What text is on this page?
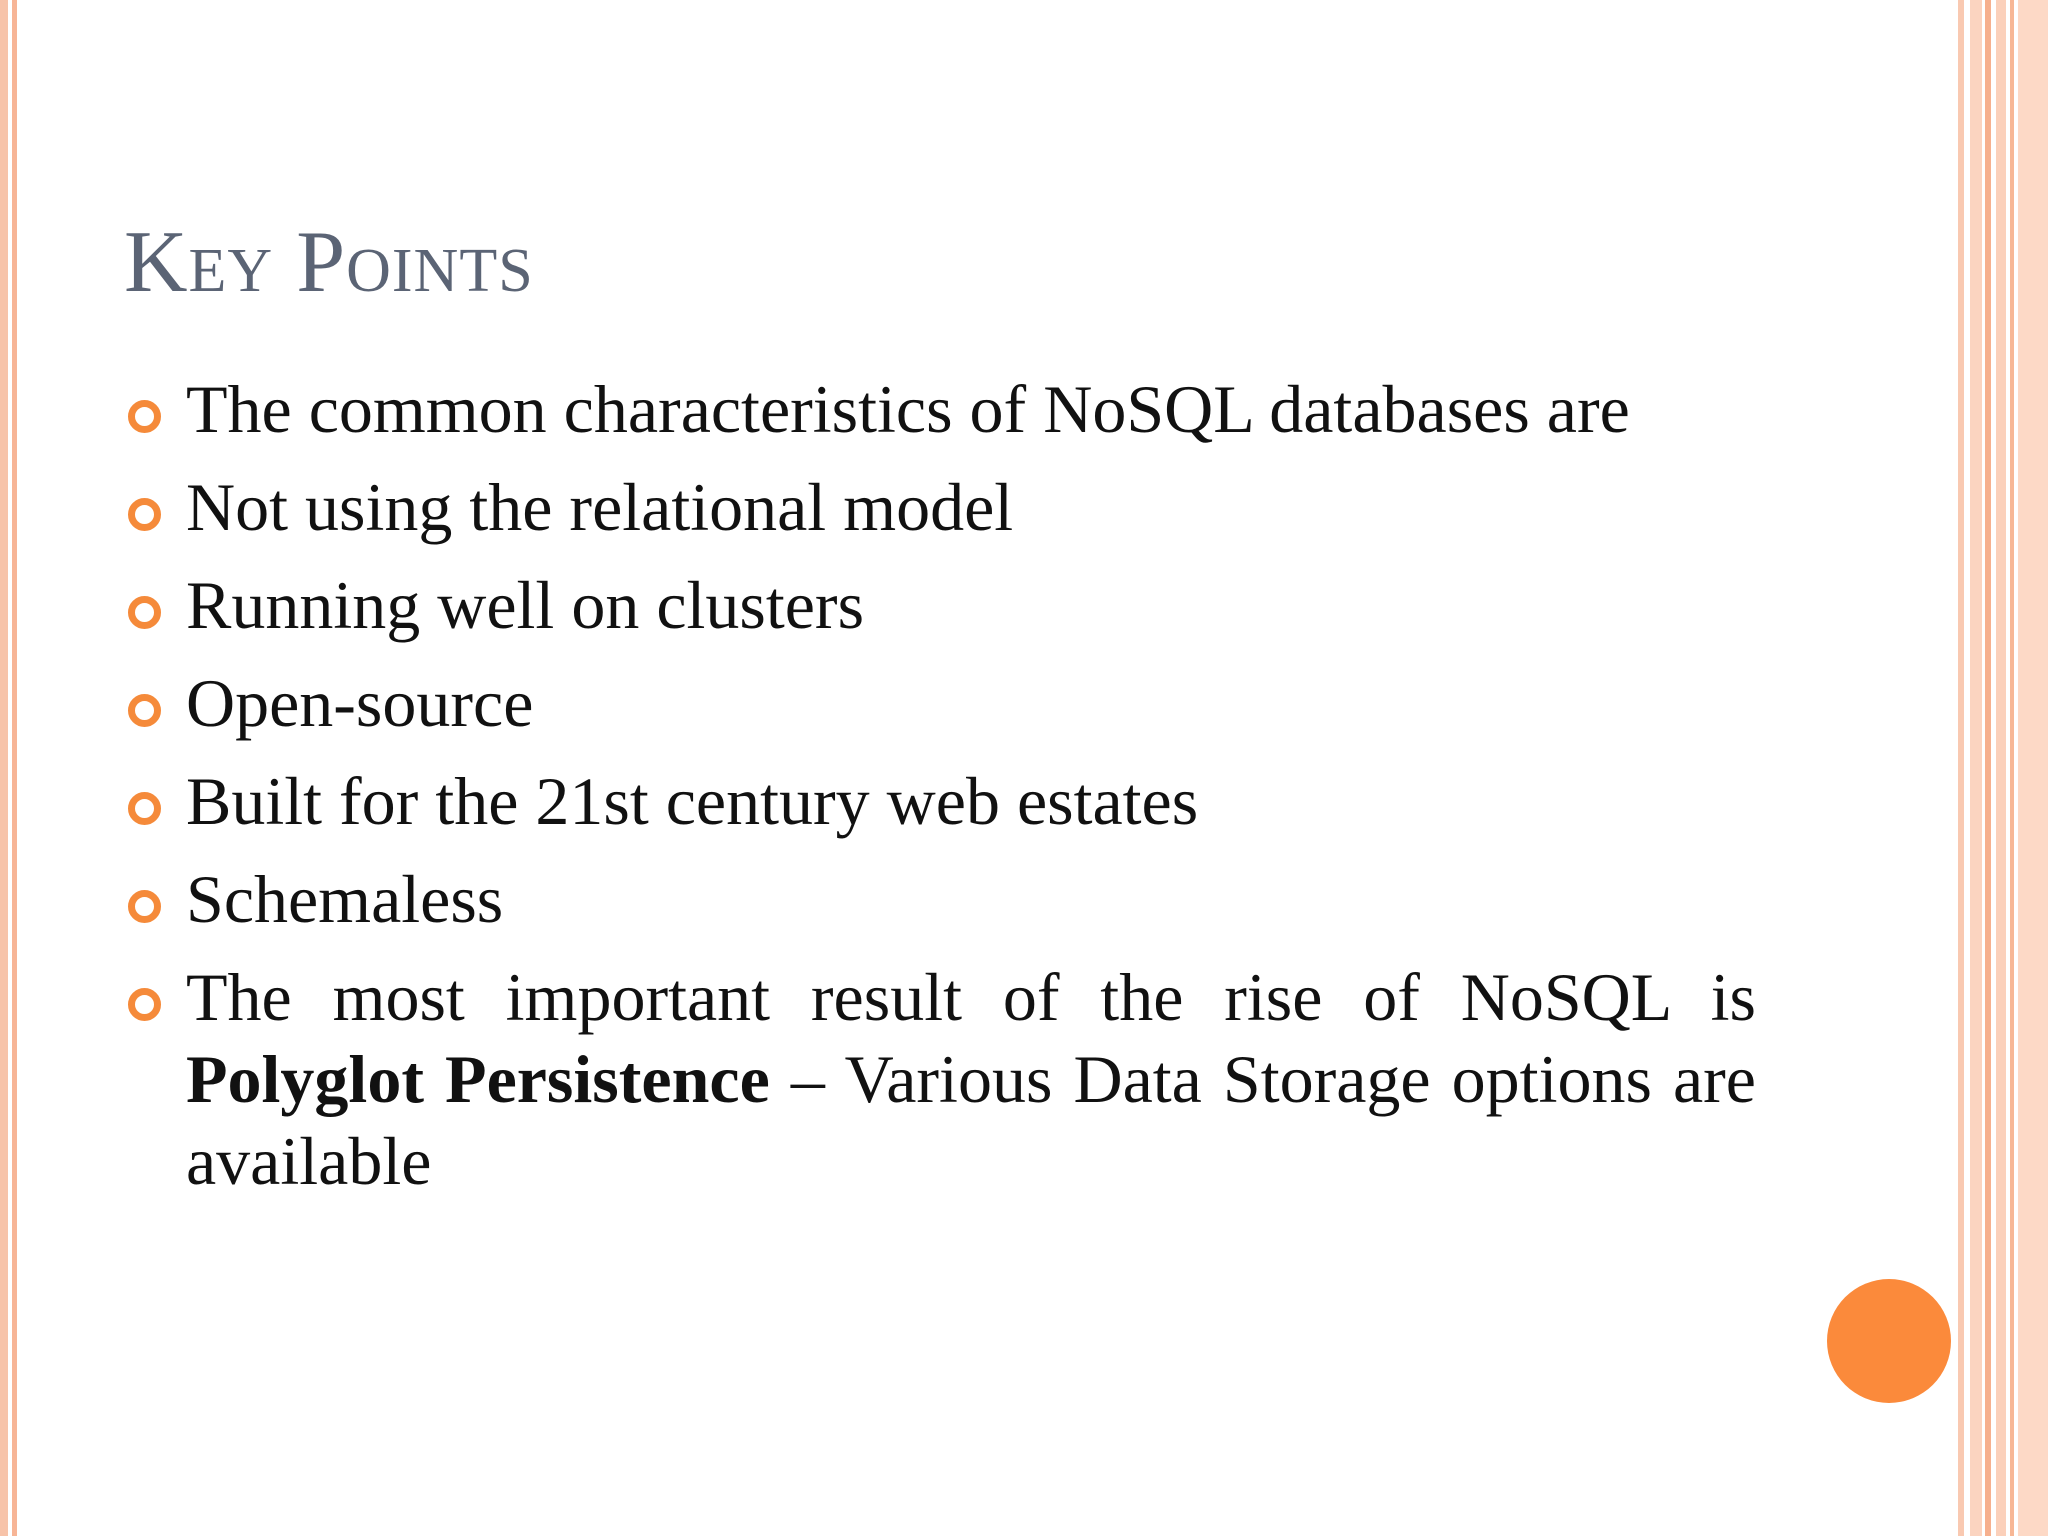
Key Points
The common characteristics of NoSQL databases are
Not using the relational model
Running well on clusters
Open-source
Built for the 21st century web estates
Schemaless
The most important result of the rise of NoSQL is Polyglot Persistence – Various Data Storage options are available
